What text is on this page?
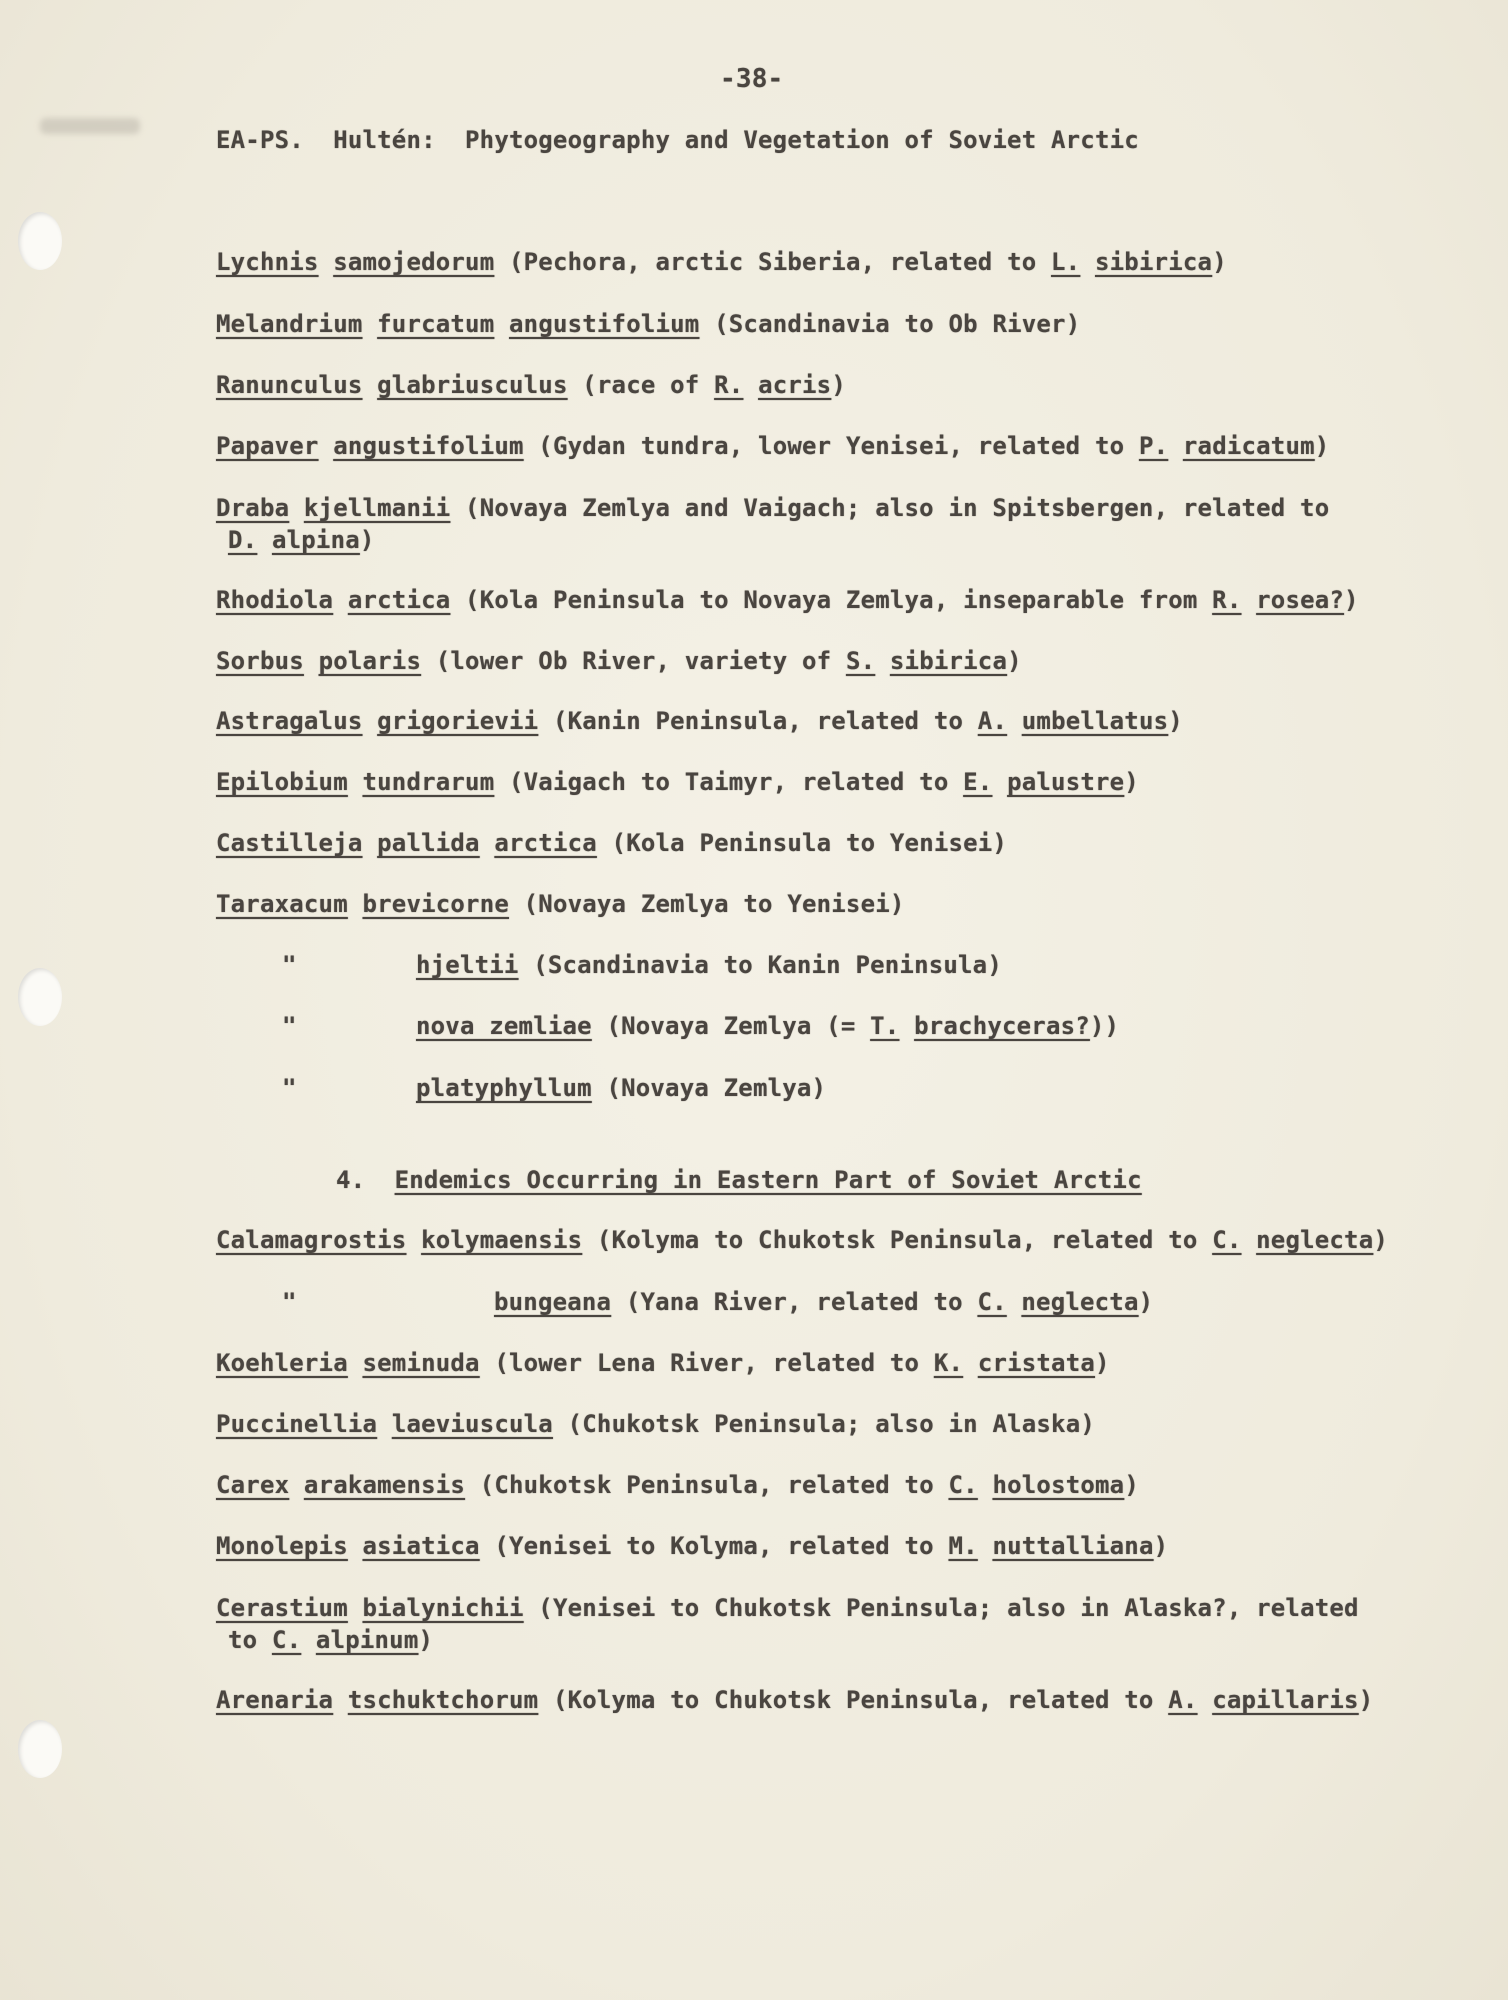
-38-
EA-PS.  Hultén:  Phytogeography and Vegetation of Soviet Arctic
4. Endemics Occurring in Eastern Part of Soviet Arctic
Lychnis samojedorum (Pechora, arctic Siberia, related to L. sibirica)
Melandrium furcatum angustifolium (Scandinavia to Ob River)
Ranunculus glabriusculus (race of R. acris)
Papaver angustifolium (Gydan tundra, lower Yenisei, related to P. radicatum)
Draba kjellmanii (Novaya Zemlya and Vaigach; also in Spitsbergen, related to
D. alpina)
Rhodiola arctica (Kola Peninsula to Novaya Zemlya, inseparable from R. rosea?)
Sorbus polaris (lower Ob River, variety of S. sibirica)
Astragalus grigorievii (Kanin Peninsula, related to A. umbellatus)
Epilobium tundrarum (Vaigach to Taimyr, related to E. palustre)
Castilleja pallida arctica (Kola Peninsula to Yenisei)
Taraxacum brevicorne (Novaya Zemlya to Yenisei)
"	hjeltii (Scandinavia to Kanin Peninsula)
"	nova zemliae (Novaya Zemlya (= T. brachyceras?))
"	platyphyllum (Novaya Zemlya)
Calamagrostis kolymaensis (Kolyma to Chukotsk Peninsula, related to C. neglecta)
"	bungeana (Yana River, related to C. neglecta)
Koehleria seminuda (lower Lena River, related to K. cristata)
Puccinellia laeviuscula (Chukotsk Peninsula; also in Alaska)
Carex arakamensis (Chukotsk Peninsula, related to C. holostoma)
Monolepis asiatica (Yenisei to Kolyma, related to M. nuttalliana)
Cerastium bialynichii (Yenisei to Chukotsk Peninsula; also in Alaska?, related
to C. alpinum)
Arenaria tschuktchorum (Kolyma to Chukotsk Peninsula, related to A. capillaris)
